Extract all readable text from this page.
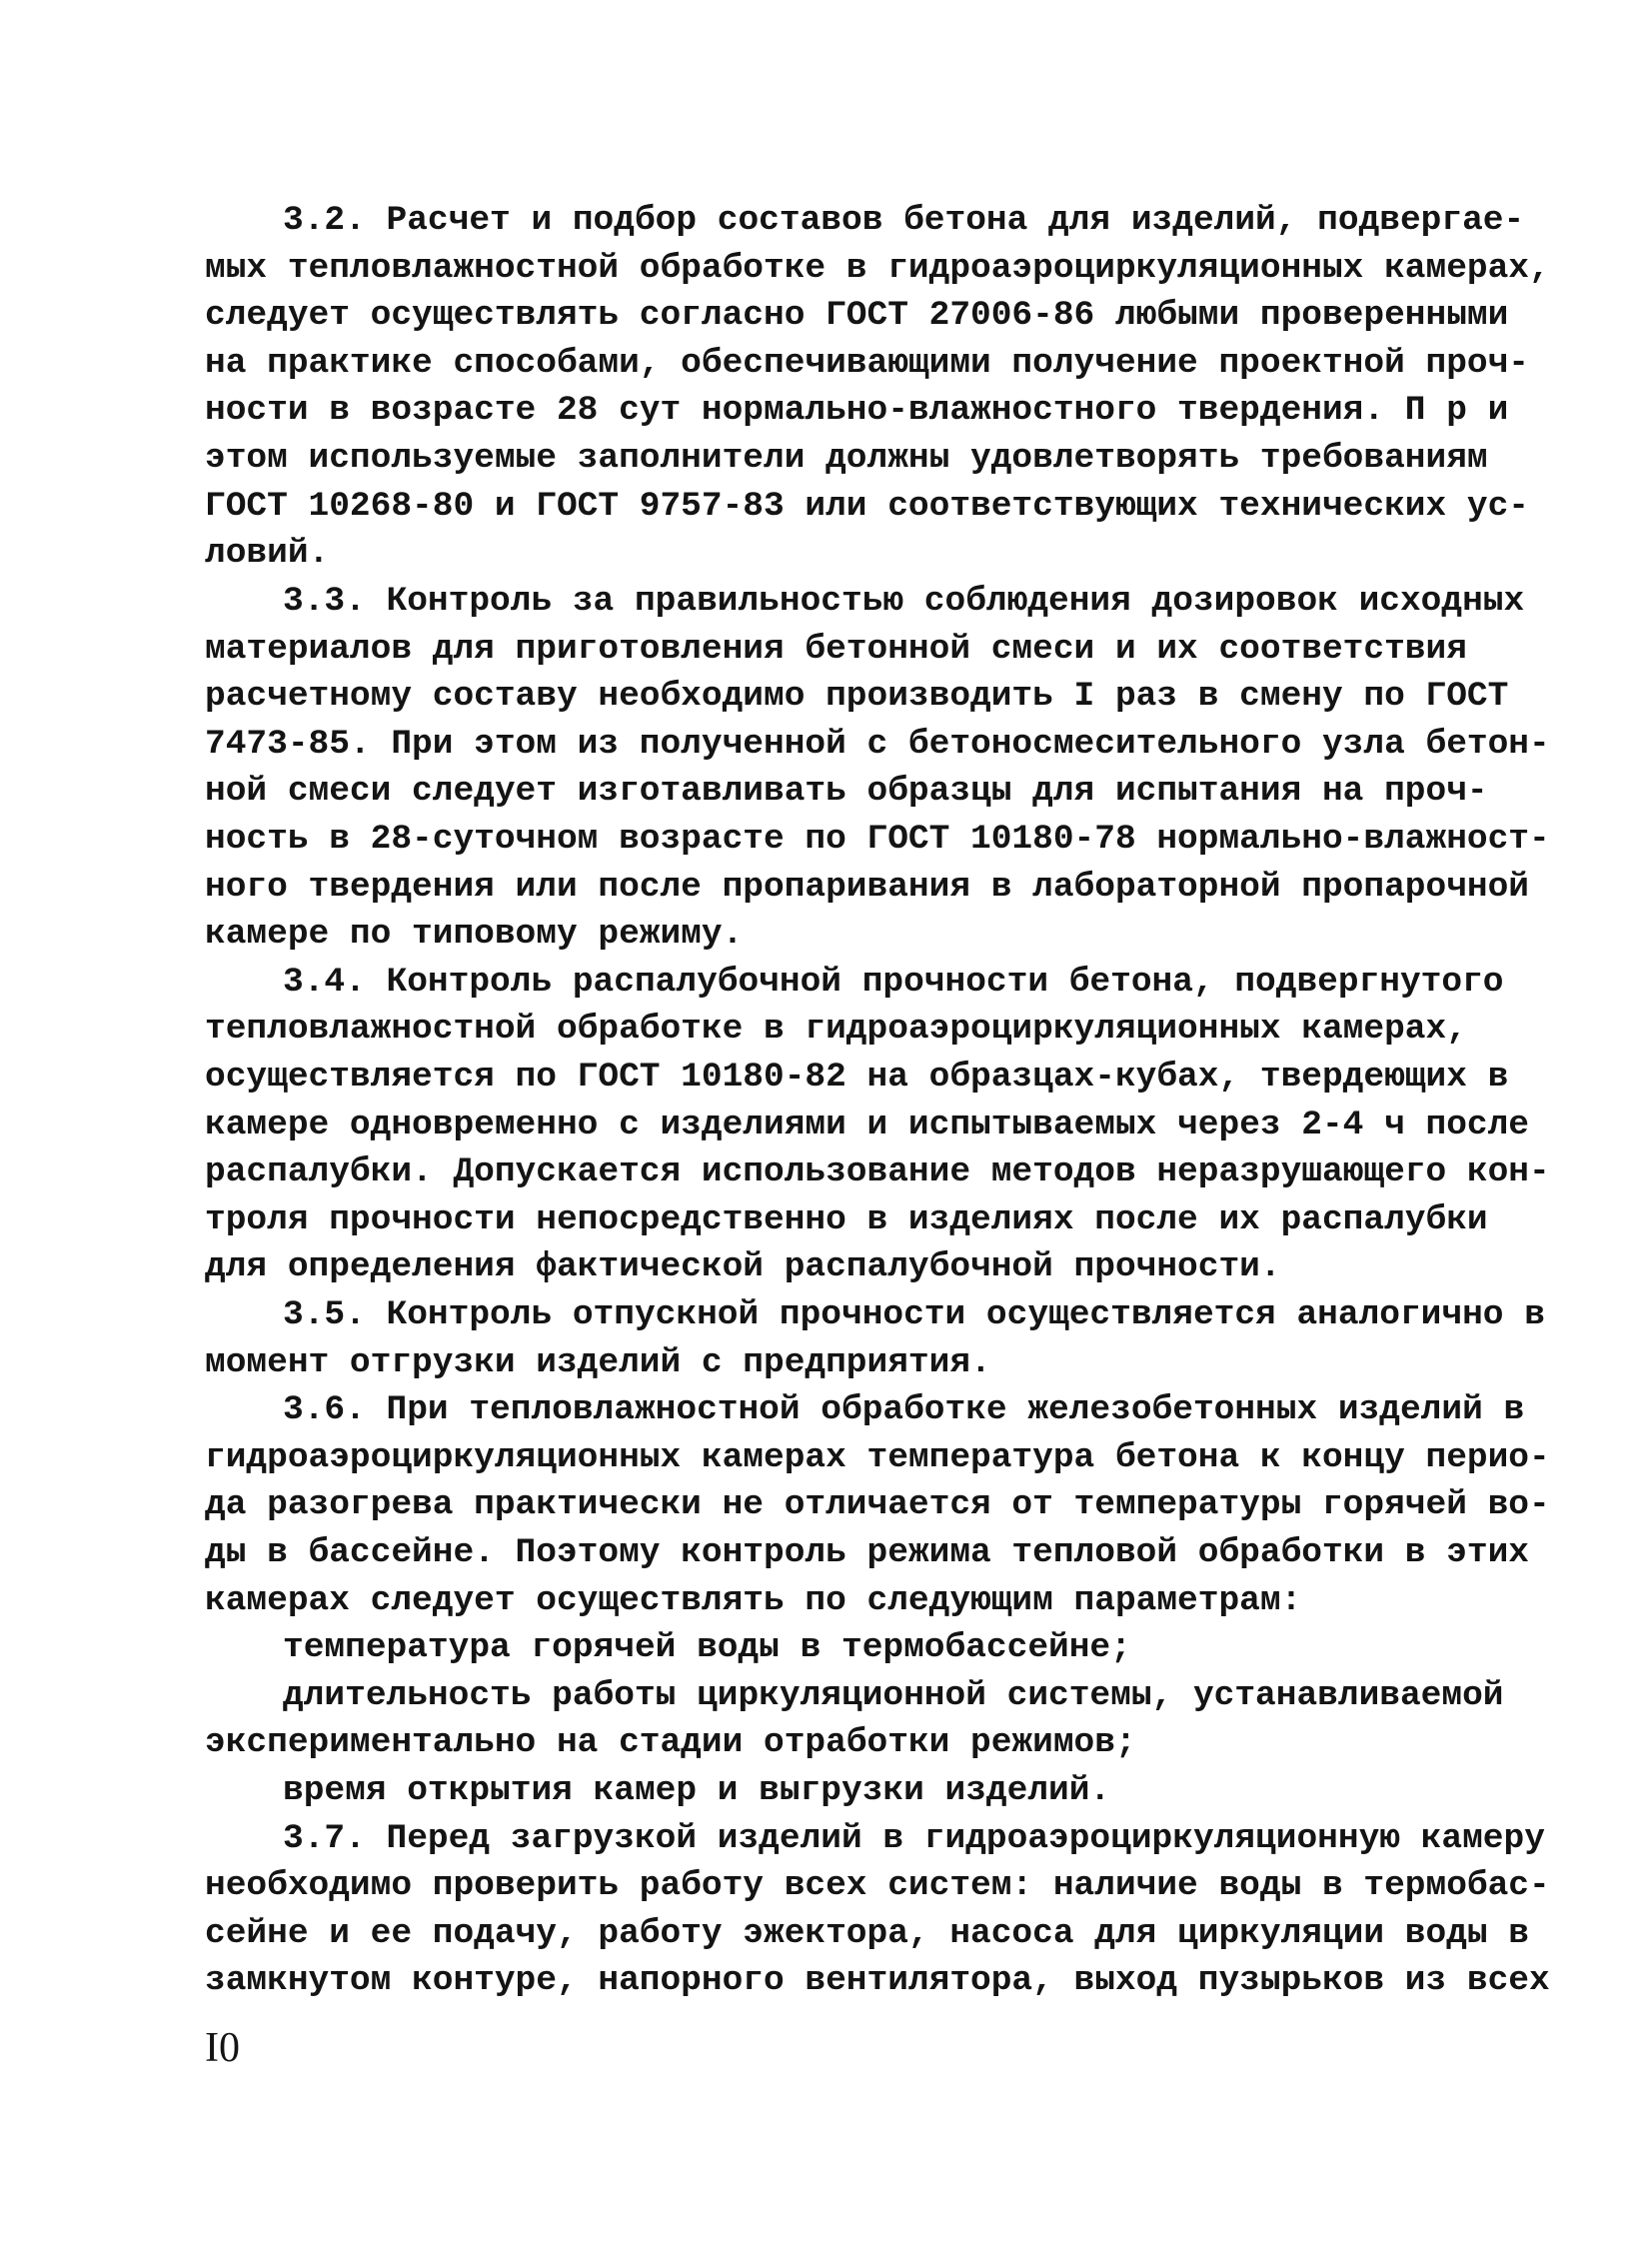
3.2. Расчет и подбор составов бетона для изделий, подвергае-
мых тепловлажностной обработке в гидроаэроциркуляционных камерах,
следует осуществлять согласно ГОСТ 27006-86 любыми проверенными
на практике способами, обеспечивающими получение проектной проч-
ности в возрасте 28 сут нормально-влажностного твердения. П р и
этом используемые заполнители должны удовлетворять требованиям
ГОСТ 10268-80 и ГОСТ 9757-83 или соответствующих технических ус-
ловий.
3.3. Контроль за правильностью соблюдения дозировок исходных
материалов для приготовления бетонной смеси и их соответствия
расчетному составу необходимо производить I раз в смену по ГОСТ
7473-85. При этом из полученной с бетоносмесительного узла бетон-
ной смеси следует изготавливать образцы для испытания на проч-
ность в 28-суточном возрасте по ГОСТ 10180-78 нормально-влажност-
ного твердения или после пропаривания в лабораторной пропарочной
камере по типовому режиму.
3.4. Контроль распалубочной прочности бетона, подвергнутого
тепловлажностной обработке в гидроаэроциркуляционных камерах,
осуществляется по ГОСТ 10180-82 на образцах-кубах, твердеющих в
камере одновременно с изделиями и испытываемых через 2-4 ч после
распалубки. Допускается использование методов неразрушающего кон-
троля прочности непосредственно в изделиях после их распалубки
для определения фактической распалубочной прочности.
3.5. Контроль отпускной прочности осуществляется аналогично в
момент отгрузки изделий с предприятия.
3.6. При тепловлажностной обработке железобетонных изделий в
гидроаэроциркуляционных камерах температура бетона к концу перио-
да разогрева практически не отличается от температуры горячей во-
ды в бассейне. Поэтому контроль режима тепловой обработки в этих
камерах следует осуществлять по следующим параметрам:
температура горячей воды в термобассейне;
длительность работы циркуляционной системы, устанавливаемой
экспериментально на стадии отработки режимов;
время открытия камер и выгрузки изделий.
3.7. Перед загрузкой изделий в гидроаэроциркуляционную камеру
необходимо проверить работу всех систем: наличие воды в термобас-
сейне и ее подачу, работу эжектора, насоса для циркуляции воды в
замкнутом контуре, напорного вентилятора, выход пузырьков из всех
I0
